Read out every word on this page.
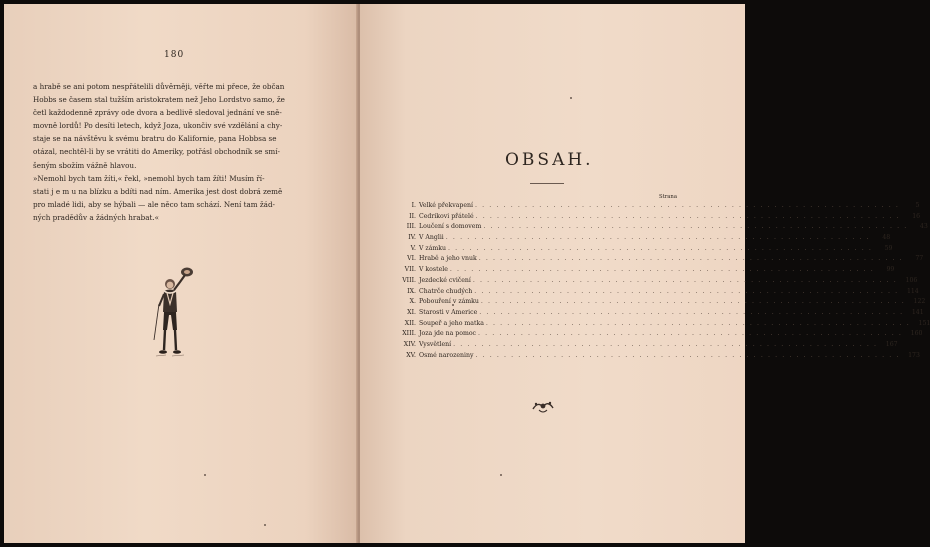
180

a hrabě se ani potom nespřátelili důvěrněji, věřte mi přece, že občan

Hobbs se časem stal tužším aristokratem než Jeho Lordstvo samo, že

četl každodenně zprávy ode dvora a bedlivě sledoval jednání ve sně-

movně lordů! Po desíti letech, když Joza, ukončiv své vzdělání a chy-

staje se na návštěvu k svému bratru do Kalifornie, pana Hobbsa se

otázal, nechtěl-li by se vrátiti do Ameriky, potřásl obchodník se smí-

šeným sbožím vážně hlavou.

»Nemohl bych tam žíti,« řekl, »nemohl bych tam žíti! Musím ří-

stati j e m u na blízku a bdíti nad ním. Amerika jest dost dobrá země

pro mladé lidi, aby se hýbali — ale něco tam schází. Není tam žád-

ných pradědův a žádných hrabat.«

OBSAH.
Strana
I. Velké překvapení . . . . . . . . . . . . . . . . . . . . . . . . . . . . . . . . . . . . . . . . . . . . . . . . . . . . . . . . . . . .	5
II. Cedrikovi přátelé . . . . . . . . . . . . . . . . . . . . . . . . . . . . . . . . . . . . . . . . . . . . . . . . . . . . . . . . . . . .	16
III. Loučení s domovem . . . . . . . . . . . . . . . . . . . . . . . . . . . . . . . . . . . . . . . . . . . . . . . . . . . . . . . . . . . .	43
IV. V Anglii . . . . . . . . . . . . . . . . . . . . . . . . . . . . . . . . . . . . . . . . . . . . . . . . . . . . . . . . . . . .	48
V. V zámku . . . . . . . . . . . . . . . . . . . . . . . . . . . . . . . . . . . . . . . . . . . . . . . . . . . . . . . . . . . .	59
VI. Hrabě a jeho vnuk . . . . . . . . . . . . . . . . . . . . . . . . . . . . . . . . . . . . . . . . . . . . . . . . . . . . . . . . . . . .	77
VII. V kostele . . . . . . . . . . . . . . . . . . . . . . . . . . . . . . . . . . . . . . . . . . . . . . . . . . . . . . . . . . . .	99
VIII. Jezdecké cvičení . . . . . . . . . . . . . . . . . . . . . . . . . . . . . . . . . . . . . . . . . . . . . . . . . . . . . . . . . . . .	106
IX. Chatrče chudých . . . . . . . . . . . . . . . . . . . . . . . . . . . . . . . . . . . . . . . . . . . . . . . . . . . . . . . . . . . .	114
X. Pobouření v zámku . . . . . . . . . . . . . . . . . . . . . . . . . . . . . . . . . . . . . . . . . . . . . . . . . . . . . . . . . . . .	122
XI. Starosti v Americe . . . . . . . . . . . . . . . . . . . . . . . . . . . . . . . . . . . . . . . . . . . . . . . . . . . . . . . . . . . .	141
XII. Soupeř a jeho matka . . . . . . . . . . . . . . . . . . . . . . . . . . . . . . . . . . . . . . . . . . . . . . . . . . . . . . . . . . . .	151
XIII. Joza jde na pomoc . . . . . . . . . . . . . . . . . . . . . . . . . . . . . . . . . . . . . . . . . . . . . . . . . . . . . . . . . . . .	160
XIV. Vysvětlení . . . . . . . . . . . . . . . . . . . . . . . . . . . . . . . . . . . . . . . . . . . . . . . . . . . . . . . . . . . .	167
XV. Osmé narozeniny . . . . . . . . . . . . . . . . . . . . . . . . . . . . . . . . . . . . . . . . . . . . . . . . . . . . . . . . . . . .	173
